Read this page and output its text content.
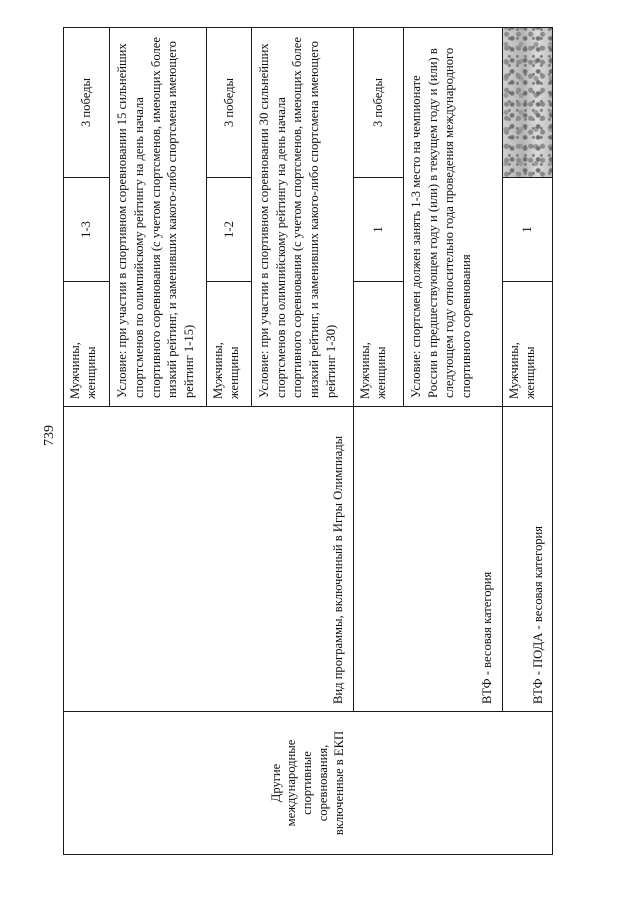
739
Другие международные спортивные соревнования, включенные в ЕКП	Вид программы, включенный в Игры Олимпиады	Мужчины, женщины	1-3	3 победы
		Условие: при участии в спортивном соревновании 15 сильнейших спортсменов по олимпийскому рейтингу на день начала спортивного соревнования (с учетом спортсменов, имеющих более низкий рейтинг, и заменивших какого-либо спортсмена имеющего рейтинг 1-15)		
		Мужчины, женщины	1-2	3 победы
		Условие: при участии в спортивном соревновании 30 сильнейших спортсменов по олимпийскому рейтингу на день начала спортивного соревнования (с учетом спортсменов, имеющих более низкий рейтинг, и заменивших какого-либо спортсмена имеющего рейтинг 1-30)		
	ВТФ - весовая категория	Мужчины, женщины	1	3 победы
		Условие: спортсмен должен занять 1-3 место на чемпионате России в предшествующем году и (или) в текущем году и (или) в следующем году относительно года проведения международного спортивного соревнования		
	ВТФ - ПОДА - весовая категория	Мужчины, женщины	1	
